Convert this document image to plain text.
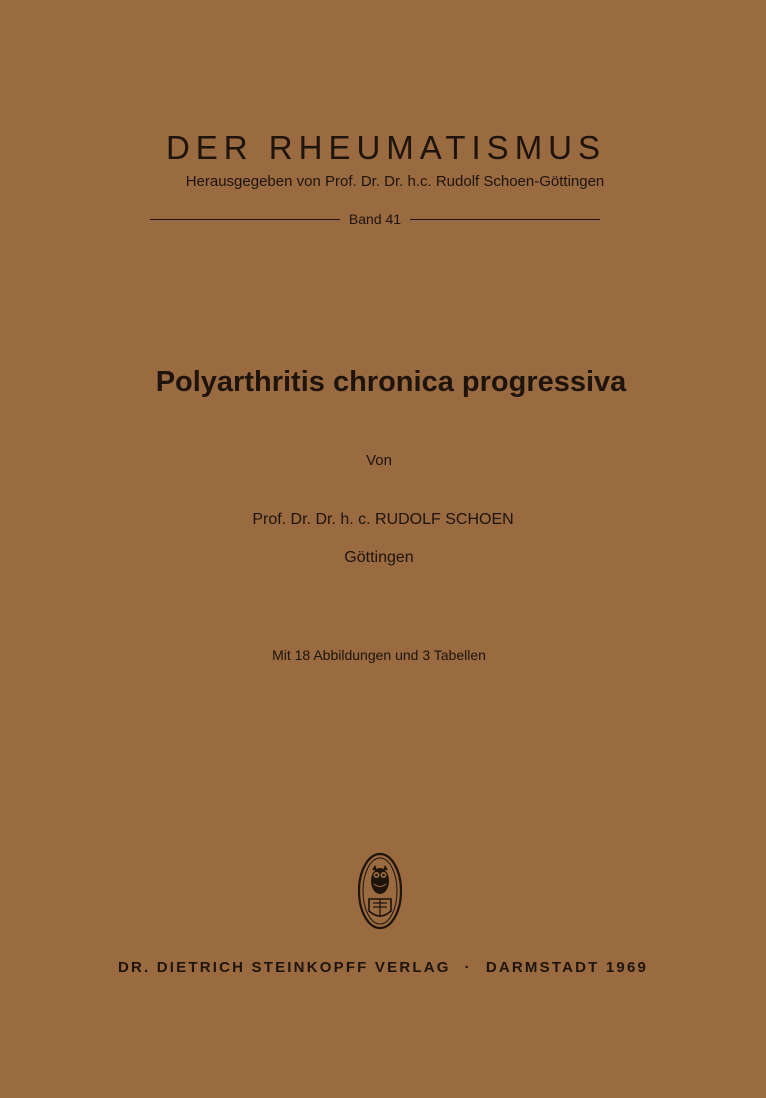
DER RHEUMATISMUS
Herausgegeben von Prof. Dr. Dr. h.c. Rudolf Schoen-Göttingen
Band 41
Polyarthritis chronica progressiva
Von
Prof. Dr. Dr. h. c. RUDOLF SCHOEN
Göttingen
Mit 18 Abbildungen und 3 Tabellen
DR. DIETRICH STEINKOPFF VERLAG · DARMSTADT 1969
